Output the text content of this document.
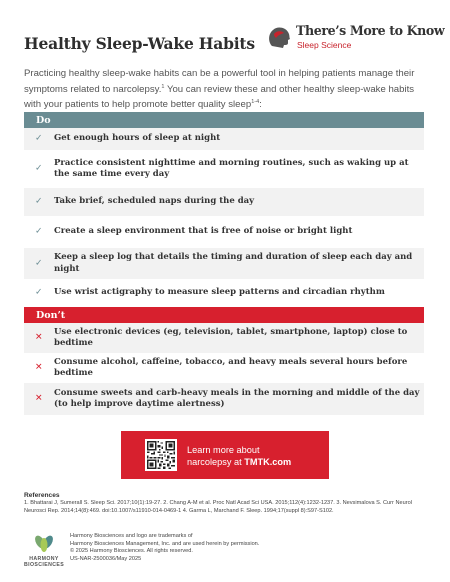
Healthy Sleep-Wake Habits
There’s More to Know
Sleep Science
Practicing healthy sleep-wake habits can be a powerful tool in helping patients manage their symptoms related to narcolepsy.$^1$ You can review these and other healthy sleep-wake habits with your patients to help promote better quality sleep$^{1-4}$:
Do
✓ Get enough hours of sleep at night
✓
Practice consistent nighttime and morning routines, such as waking up at the same time every day
✓ Take brief, scheduled naps during the day
✓ Create a sleep environment that is free of noise or bright light
✓
Keep a sleep log that details the timing and duration of sleep each day and night
✓ Use wrist actigraphy to measure sleep patterns and circadian rhythm
Don’t
✕
Use electronic devices (eg, television, tablet, smartphone, laptop) close to bedtime
✕
Consume alcohol, caffeine, tobacco, and heavy meals several hours before bedtime
✕
Consume sweets and carb-heavy meals in the morning and middle of the day (to help improve daytime alertness)
Learn more about
narcolepsy at TMTK.com
References
1. Bhattarai J, Sumerall S. Sleep Sci. 2017;10(1):19-27. 2. Chang A-M et al. Proc Natl Acad Sci USA. 2015;112(4):1232-1237. 3. Nevsimalova S. Curr Neurol Neurosci Rep. 2014;14(8):469. doi:10.1007/s11910-014-0469-1 4. Garma L, Marchand F. Sleep. 1994;17(suppl 8):S97-S102.
HARMONY
BIOSCIENCES
Harmony Biosciences and logo are trademarks of
Harmony Biosciences Management, Inc. and are used herein by permission.
© 2025 Harmony Biosciences. All rights reserved.
US-NAR-2500036/May 2025
